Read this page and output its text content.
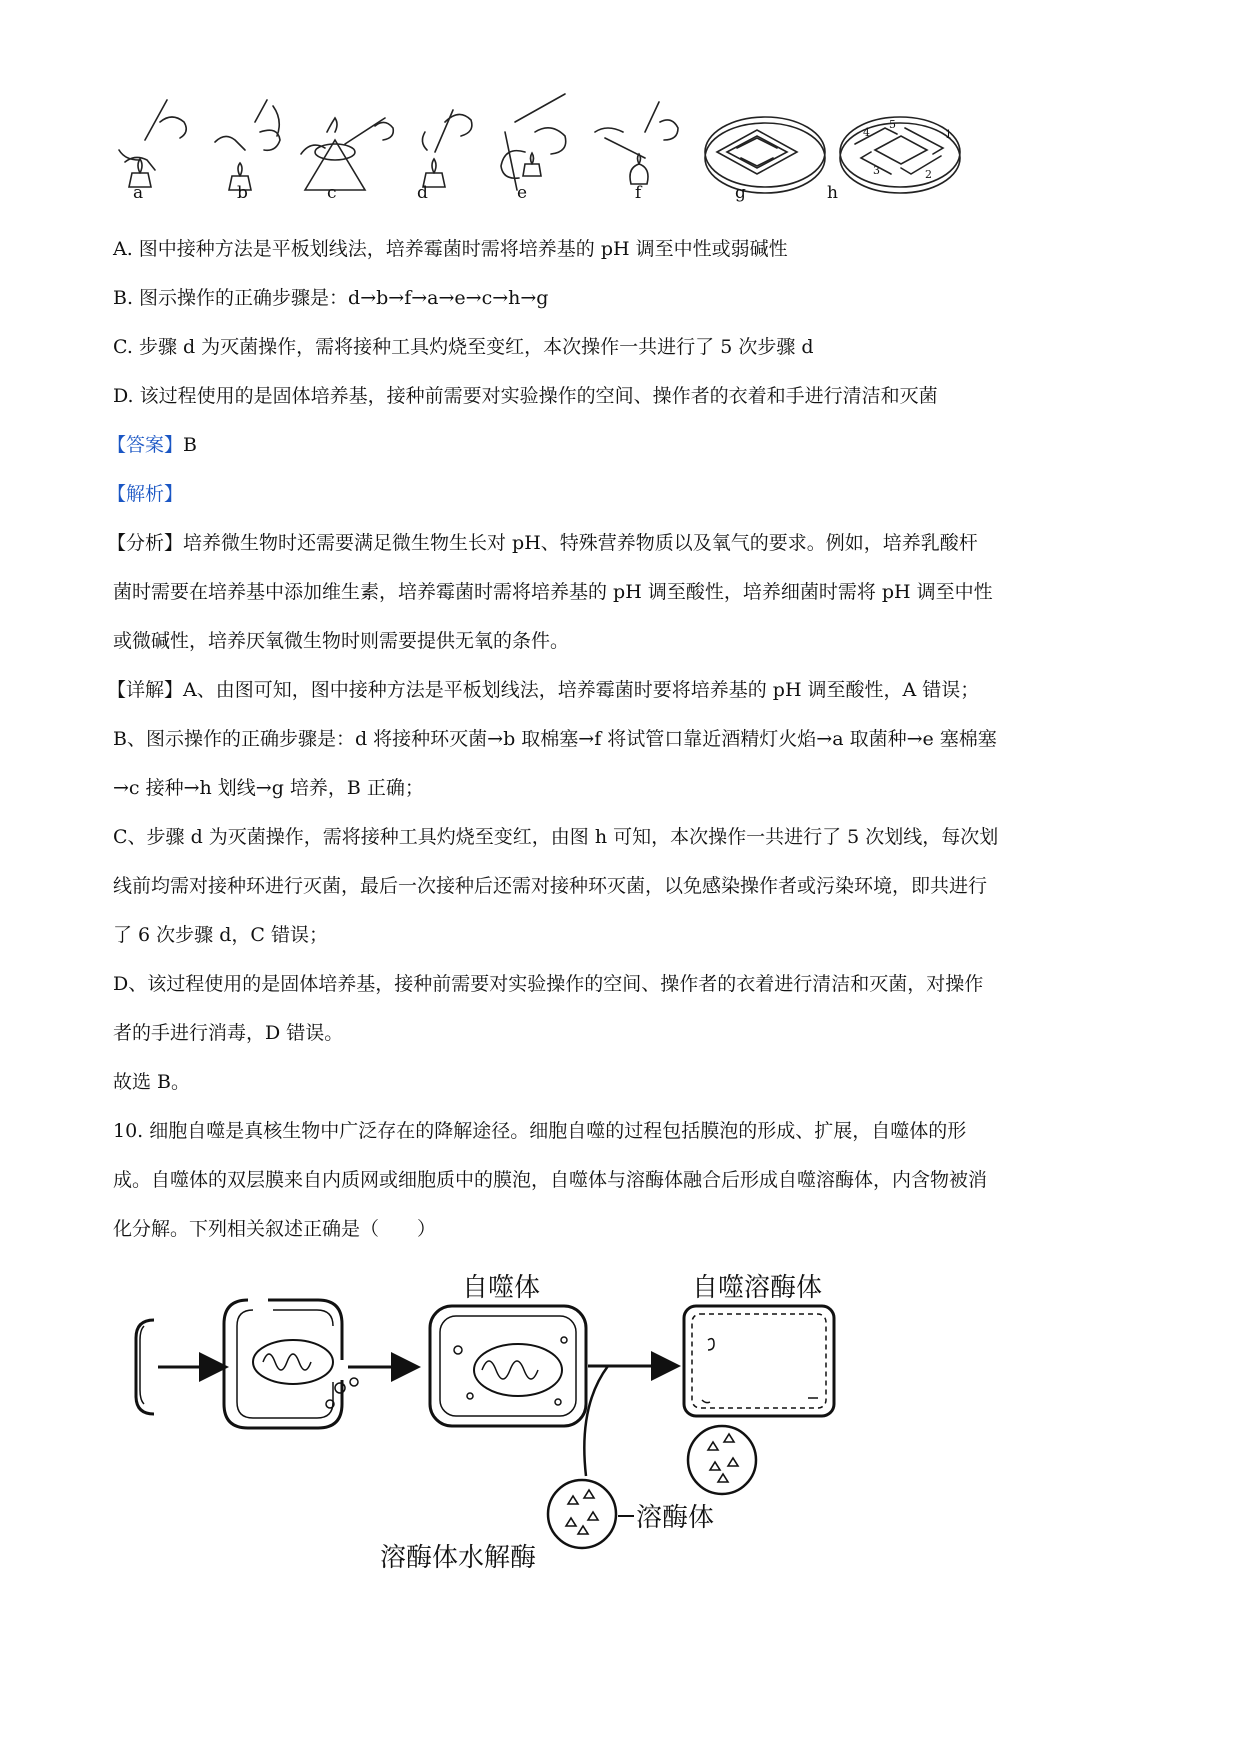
4
5
1
2
3
a	b	c	d	e	f	g	h
A. 图中接种方法是平板划线法，培养霉菌时需将培养基的 pH 调至中性或弱碱性
B. 图示操作的正确步骤是：d→b→f→a→e→c→h→g
C. 步骤 d 为灭菌操作，需将接种工具灼烧至变红，本次操作一共进行了 5 次步骤 d
D. 该过程使用的是固体培养基，接种前需要对实验操作的空间、操作者的衣着和手进行清洁和灭菌
【答案】B
【解析】
【分析】培养微生物时还需要满足微生物生长对 pH、特殊营养物质以及氧气的要求。例如，培养乳酸杆
菌时需要在培养基中添加维生素，培养霉菌时需将培养基的 pH 调至酸性，培养细菌时需将 pH 调至中性
或微碱性，培养厌氧微生物时则需要提供无氧的条件。
【详解】A、由图可知，图中接种方法是平板划线法，培养霉菌时要将培养基的 pH 调至酸性，A 错误；
B、图示操作的正确步骤是：d 将接种环灭菌→b 取棉塞→f 将试管口靠近酒精灯火焰→a 取菌种→e 塞棉塞
→c 接种→h 划线→g 培养，B 正确；
C、步骤 d 为灭菌操作，需将接种工具灼烧至变红，由图 h 可知，本次操作一共进行了 5 次划线，每次划
线前均需对接种环进行灭菌，最后一次接种后还需对接种环灭菌，以免感染操作者或污染环境，即共进行
了 6 次步骤 d，C 错误；
D、该过程使用的是固体培养基，接种前需要对实验操作的空间、操作者的衣着进行清洁和灭菌，对操作
者的手进行消毒，D 错误。
故选 B。
10. 细胞自噬是真核生物中广泛存在的降解途径。细胞自噬的过程包括膜泡的形成、扩展，自噬体的形
成。自噬体的双层膜来自内质网或细胞质中的膜泡，自噬体与溶酶体融合后形成自噬溶酶体，内含物被消
化分解。下列相关叙述正确是（　　）
自噬体	自噬溶酶体
溶酶体
溶酶体水解酶
